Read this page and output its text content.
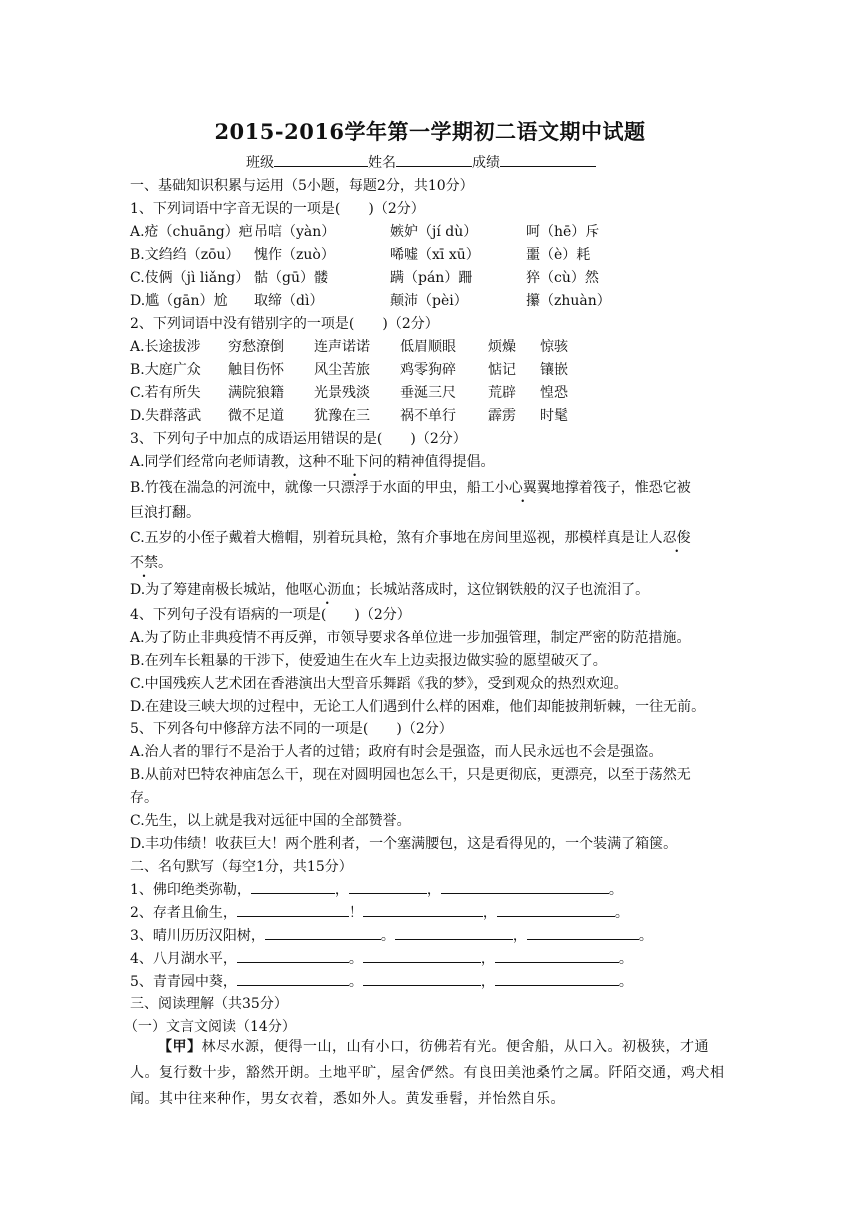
2015-2016学年第一学期初二语文期中试题
班级	姓名	成绩
一、基础知识积累与运用（5小题，每题2分，共10分）
1、下列词语中字音无误的一项是(　　)（2分）
A.疮（chuāng）疤吊唁（yàn）	嫉妒（jí dù）	呵（hē）斥
B.文绉绉（zōu） 愧作（zuò）	唏嘘（xī xū）	噩（è）耗
C.伎俩（jì liǎng） 骷（gū）髅	蹒（pán）跚	猝（cù）然
D.尴（gān）尬 取缔（dì）	颠沛（pèi）	攥（zhuàn）
2、下列词语中没有错别字的一项是(　　)（2分）
A.长途拔涉 穷愁潦倒 连声诺诺 低眉顺眼 烦燥 惊骇
B.大庭广众 触目伤怀 风尘苦旅 鸡零狗碎 惦记 镶嵌
C.若有所失 满院狼籍 光景残淡 垂涎三尺 荒辟 惶恐
D.失群落武 微不足道 犹豫在三 祸不单行 霹雳 时髦
3、下列句子中加点的成语运用错误的是(　　)（2分）
A.同学们经常向老师请教，这种不耻下问的精神值得提倡。
B.竹筏在湍急的河流中，就像一只漂浮于水面的甲虫，船工小心翼翼地撑着筏子，惟恐它被
巨浪打翻。
C.五岁的小侄子戴着大檐帽，别着玩具枪，煞有介事地在房间里巡视，那模样真是让人忍俊
不禁。
D.为了筹建南极长城站，他呕心沥血；长城站落成时，这位钢铁般的汉子也流泪了。
4、下列句子没有语病的一项是(　　)（2分）
A.为了防止非典疫情不再反弹，市领导要求各单位进一步加强管理，制定严密的防范措施。
B.在列车长粗暴的干涉下，使爱迪生在火车上边卖报边做实验的愿望破灭了。
C.中国残疾人艺术团在香港演出大型音乐舞蹈《我的梦》，受到观众的热烈欢迎。
D.在建设三峡大坝的过程中，无论工人们遇到什么样的困难，他们却能披荆斩棘，一往无前。
5、下列各句中修辞方法不同的一项是(　　)（2分）
A.治人者的罪行不是治于人者的过错；政府有时会是强盗，而人民永远也不会是强盗。
B.从前对巴特农神庙怎么干，现在对圆明园也怎么干，只是更彻底，更漂亮，以至于荡然无
存。
C.先生，以上就是我对远征中国的全部赞誉。
D.丰功伟绩！收获巨大！两个胜利者，一个塞满腰包，这是看得见的，一个装满了箱箧。
二、名句默写（每空1分，共15分）
1、佛印绝类弥勒，	，	，	。
2、存者且偷生，	！	，	。
3、晴川历历汉阳树，	。	，	。
4、八月湖水平，	。	，	。
5、青青园中葵，	。	，	。
三、阅读理解（共35分）
（一）文言文阅读（14分）
【甲】林尽水源，便得一山，山有小口，彷佛若有光。便舍船，从口入。初极狭，才通人。复行数十步，豁然开朗。土地平旷，屋舍俨然。有良田美池桑竹之属。阡陌交通，鸡犬相闻。其中往来种作，男女衣着，悉如外人。黄发垂髫，并怡然自乐。
